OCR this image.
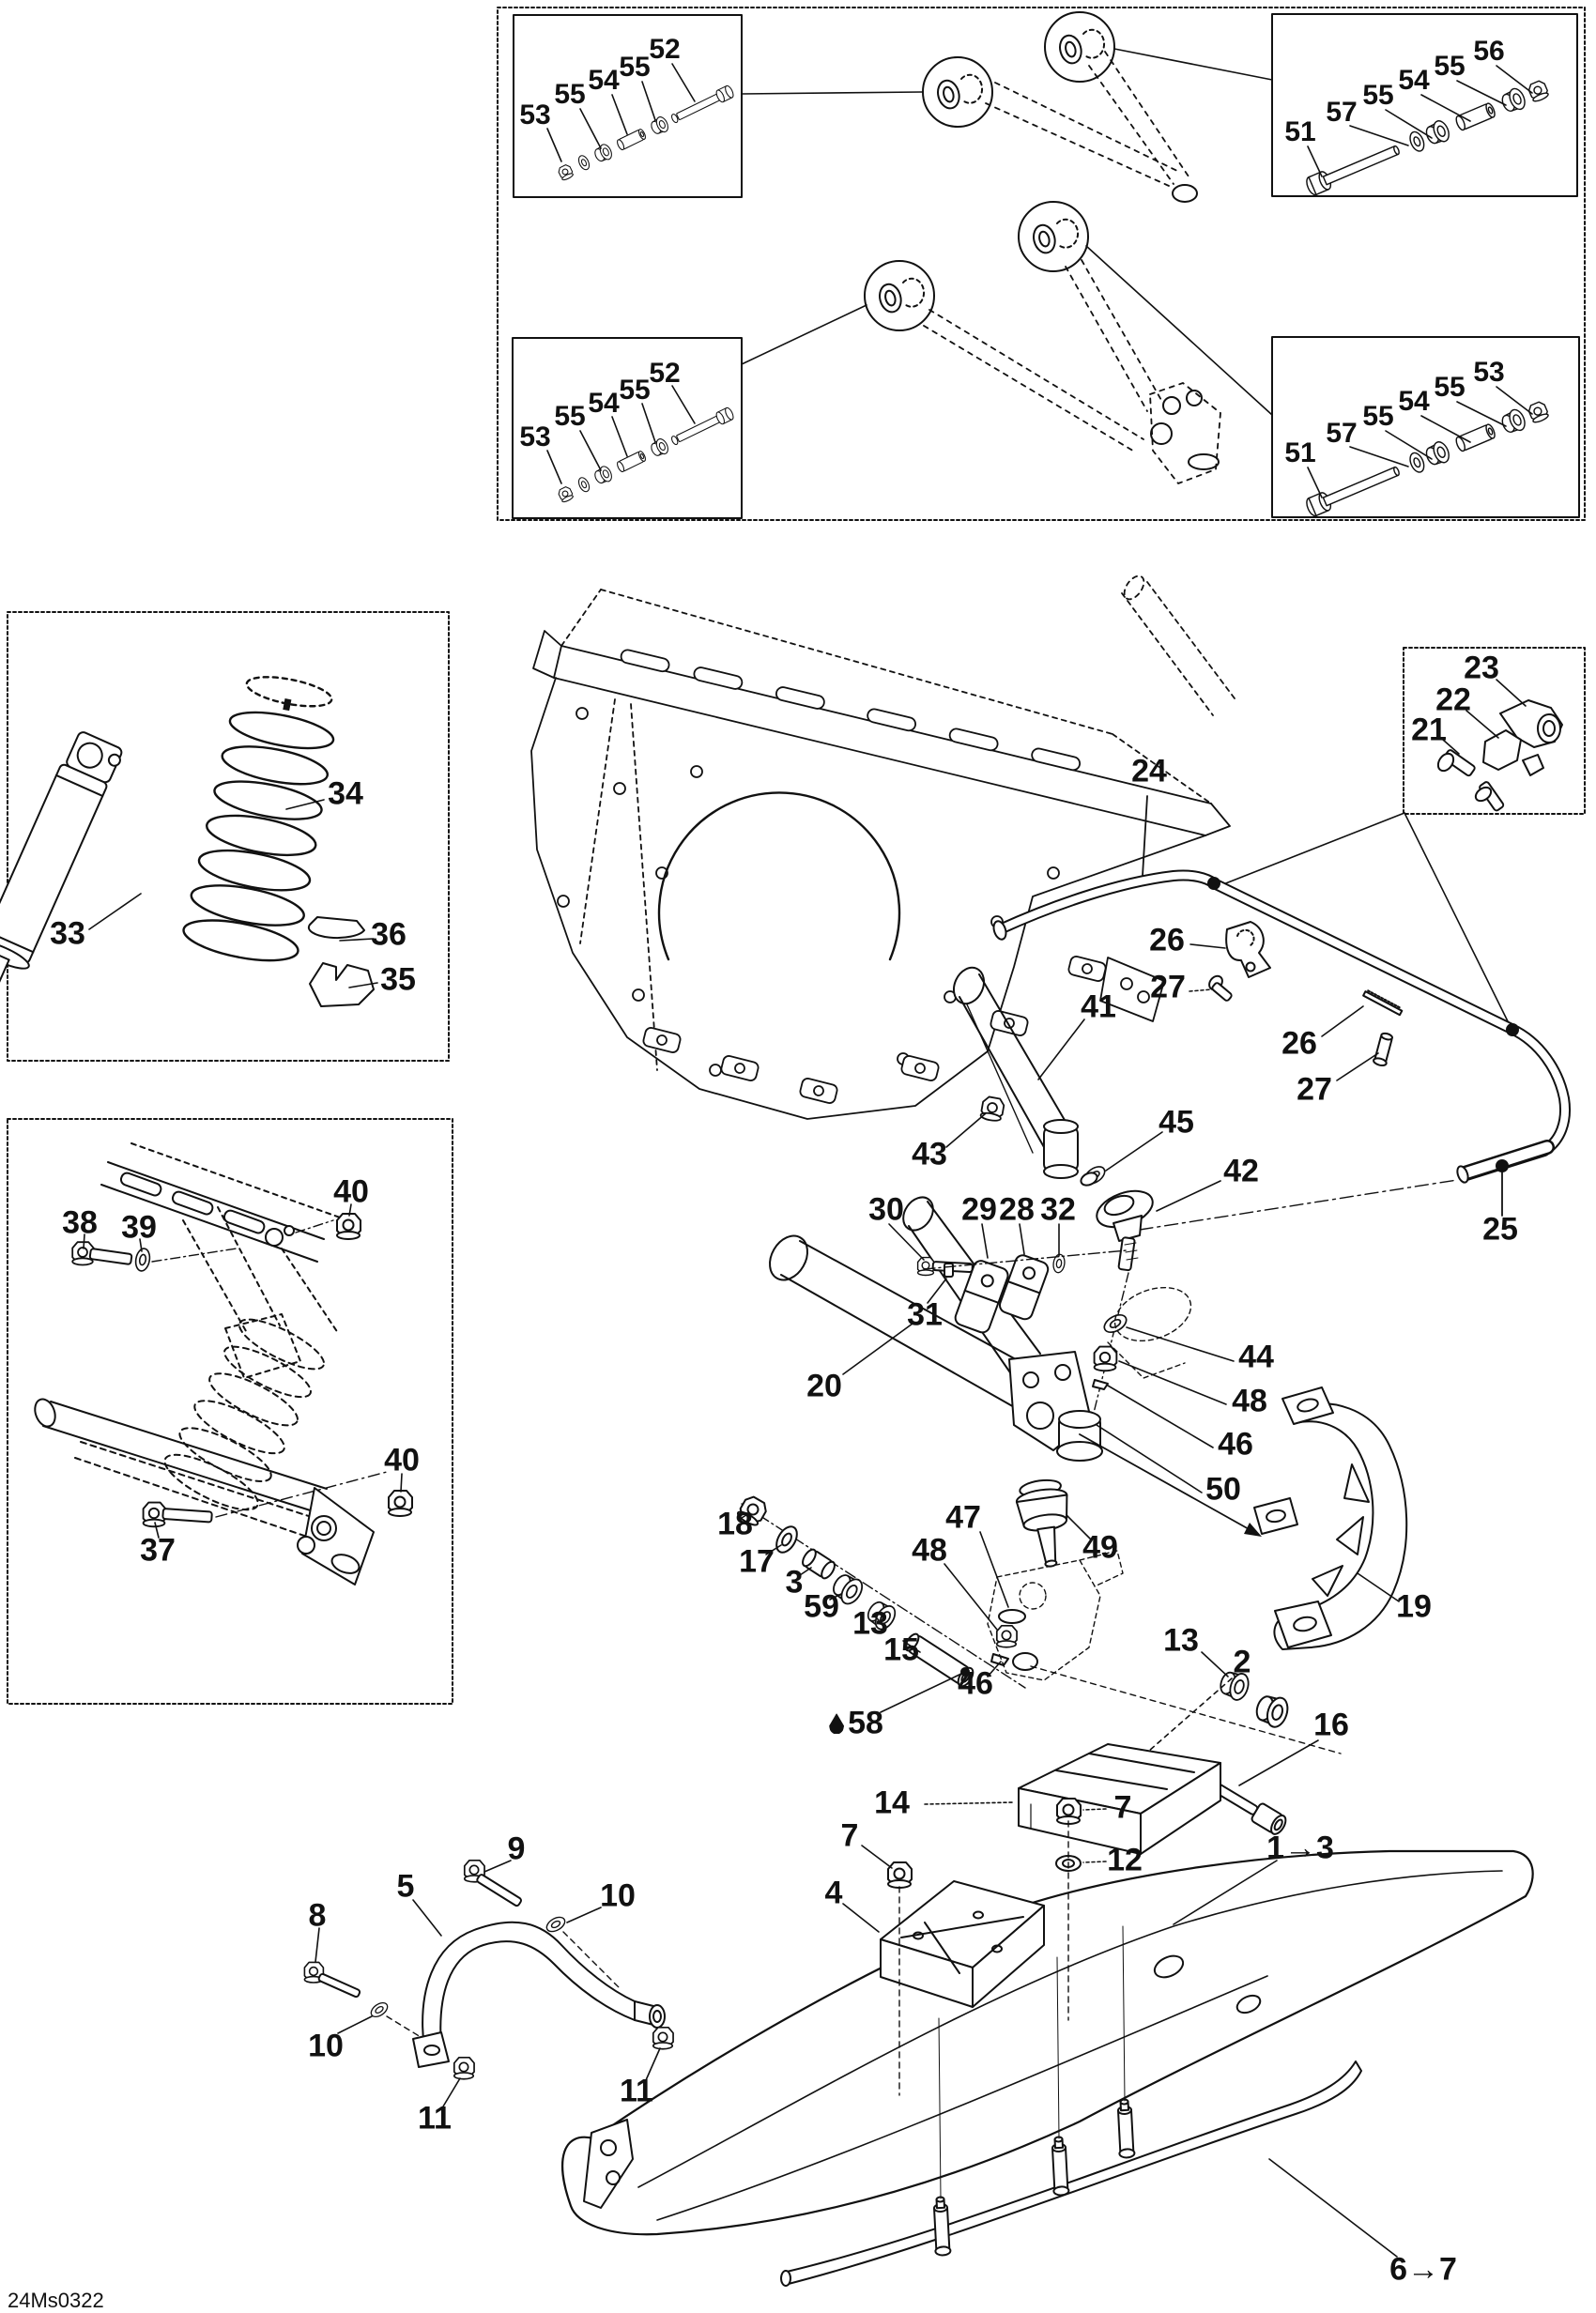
53
55 54 55
52
51
57
55 54 55 56
53
55 54 55
52
51
57
55 54 55 53
33
34
36
35
38 39
40
37
40
23
22
21
24
26
27
26
27
25
41
43
45
42
30
31
29 28 32
20
44
48
46
50
18
17
3
59 13
15
48
47
49
46
58
14
13
2
19
16
7
12
7
4
1→3
9
10
8
10
11
11
5
6→7
24Ms0322
